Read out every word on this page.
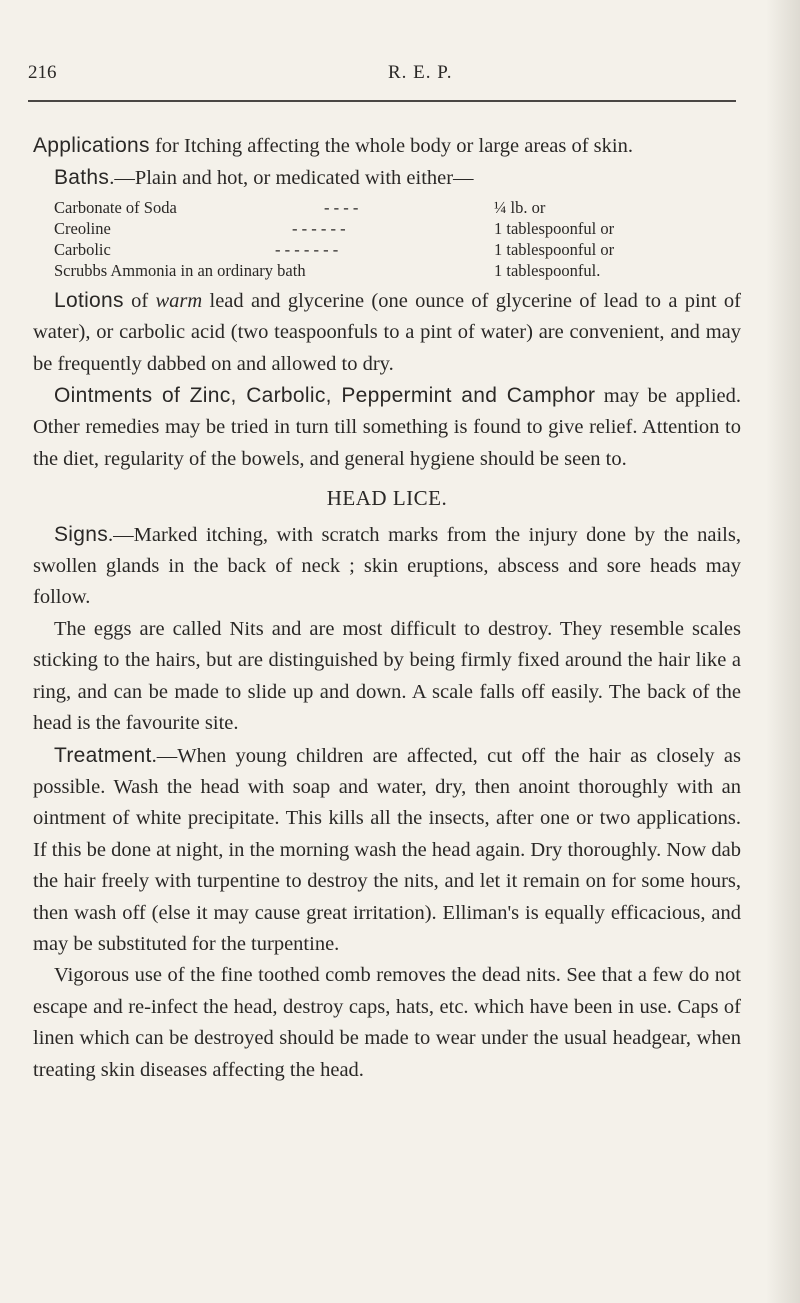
216	R. E. P.

Applications for Itching affecting the whole body or large areas of skin.

Baths.—Plain and hot, or medicated with either—

Carbonate of Soda	- - - -	¼ lb. or
Creoline	- - - - - -	1 tablespoonful or
Carbolic	- - - - - - -	1 tablespoonful or
Scrubbs Ammonia in an ordinary bath	1 tablespoonful.

Lotions of warm lead and glycerine (one ounce of glycerine of lead to a pint of water), or carbolic acid (two teaspoonfuls to a pint of water) are convenient, and may be frequently dabbed on and allowed to dry.

Ointments of Zinc, Carbolic, Peppermint and Camphor may be applied. Other remedies may be tried in turn till something is found to give relief. Attention to the diet, regularity of the bowels, and general hygiene should be seen to.

HEAD LICE.

Signs.—Marked itching, with scratch marks from the injury done by the nails, swollen glands in the back of neck ; skin eruptions, abscess and sore heads may follow.

The eggs are called Nits and are most difficult to destroy. They resemble scales sticking to the hairs, but are distinguished by being firmly fixed around the hair like a ring, and can be made to slide up and down. A scale falls off easily. The back of the head is the favourite site.

Treatment.—When young children are affected, cut off the hair as closely as possible. Wash the head with soap and water, dry, then anoint thoroughly with an ointment of white precipitate. This kills all the insects, after one or two applications. If this be done at night, in the morning wash the head again. Dry thoroughly. Now dab the hair freely with turpentine to destroy the nits, and let it remain on for some hours, then wash off (else it may cause great irritation). Elliman's is equally efficacious, and may be substituted for the turpentine.

Vigorous use of the fine toothed comb removes the dead nits. See that a few do not escape and re-infect the head, destroy caps, hats, etc. which have been in use. Caps of linen which can be destroyed should be made to wear under the usual headgear, when treating skin diseases affecting the head.
